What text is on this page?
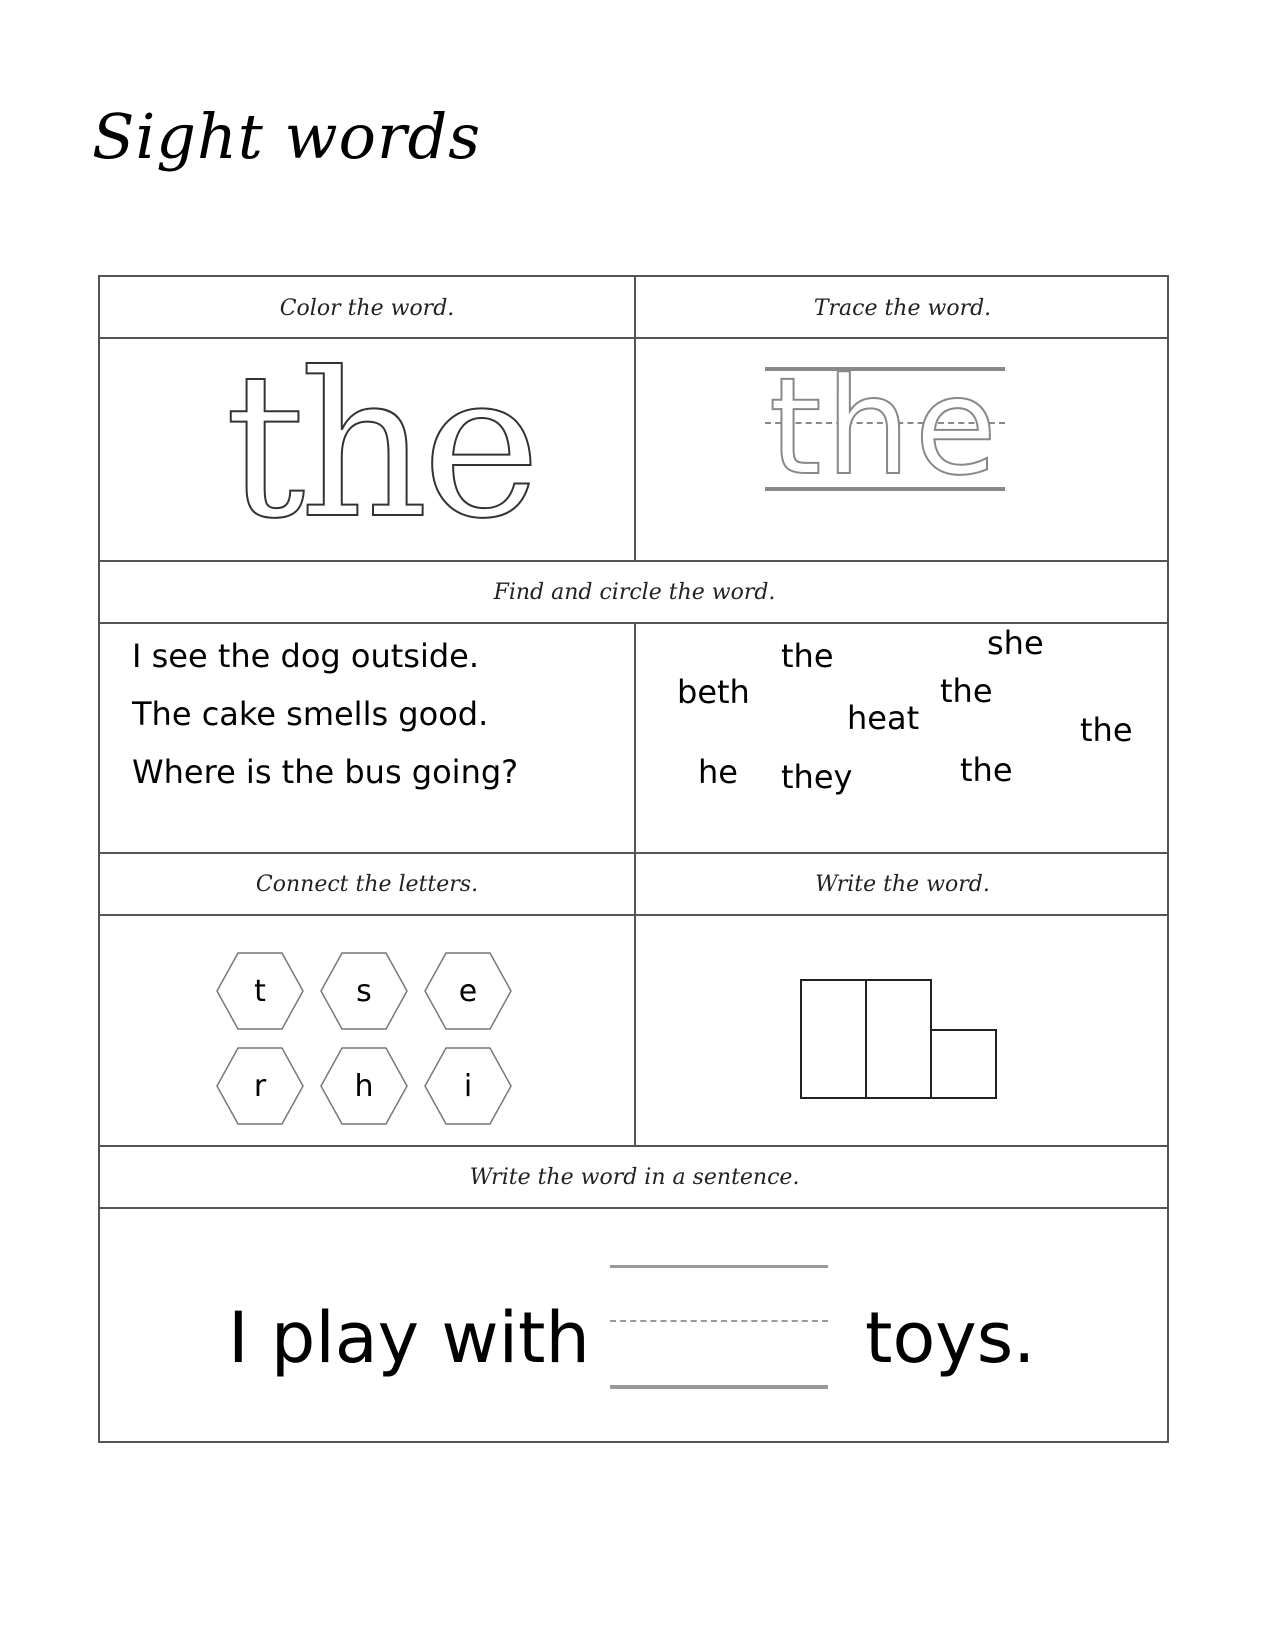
Sight words
Color the word.	Trace the word.
Find and circle the word.
Connect the letters.	Write the word.
Write the word in a sentence.
the the
I see the dog outside.
The cake smells good.
Where is the bus going?
she
the
beth	the
heat	the
he they	the
t	s	e
r	h	i
I play with	toys.
